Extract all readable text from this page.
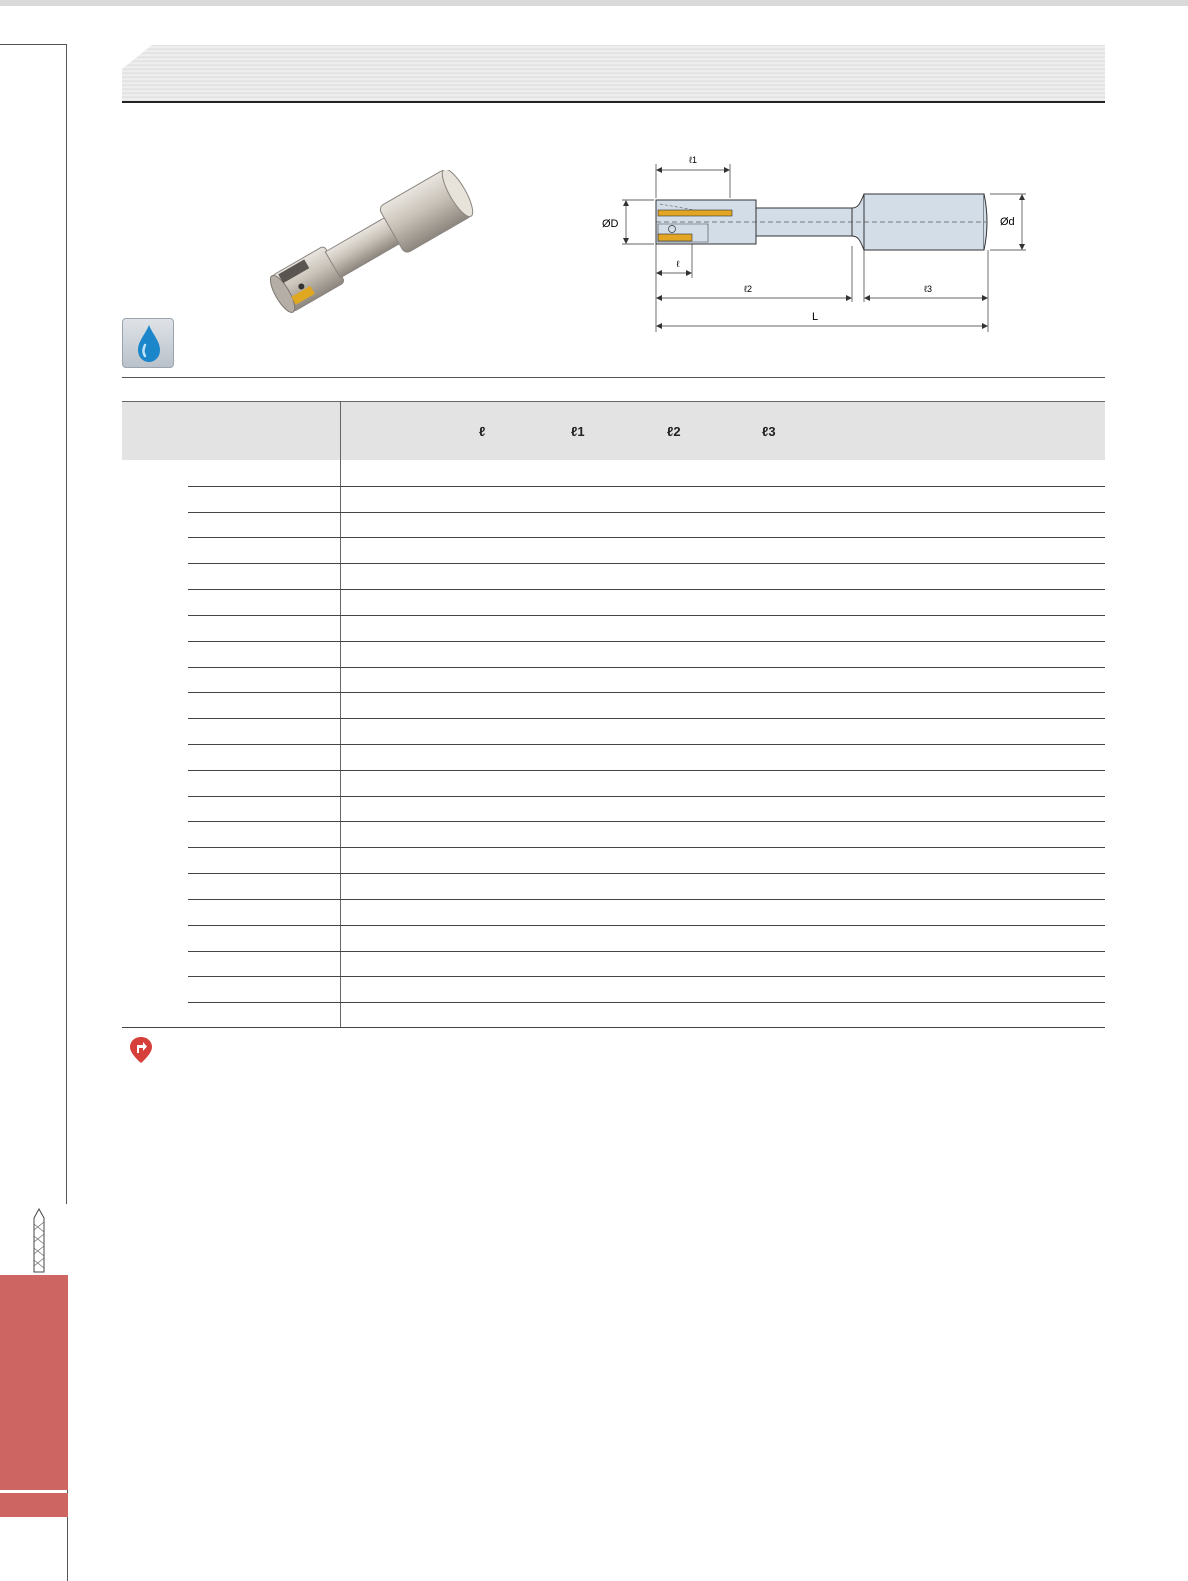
ℓ1
ℓ
ℓ2	ℓ3
L
ØD	Ød
ℓ	ℓ1	ℓ2	ℓ3
